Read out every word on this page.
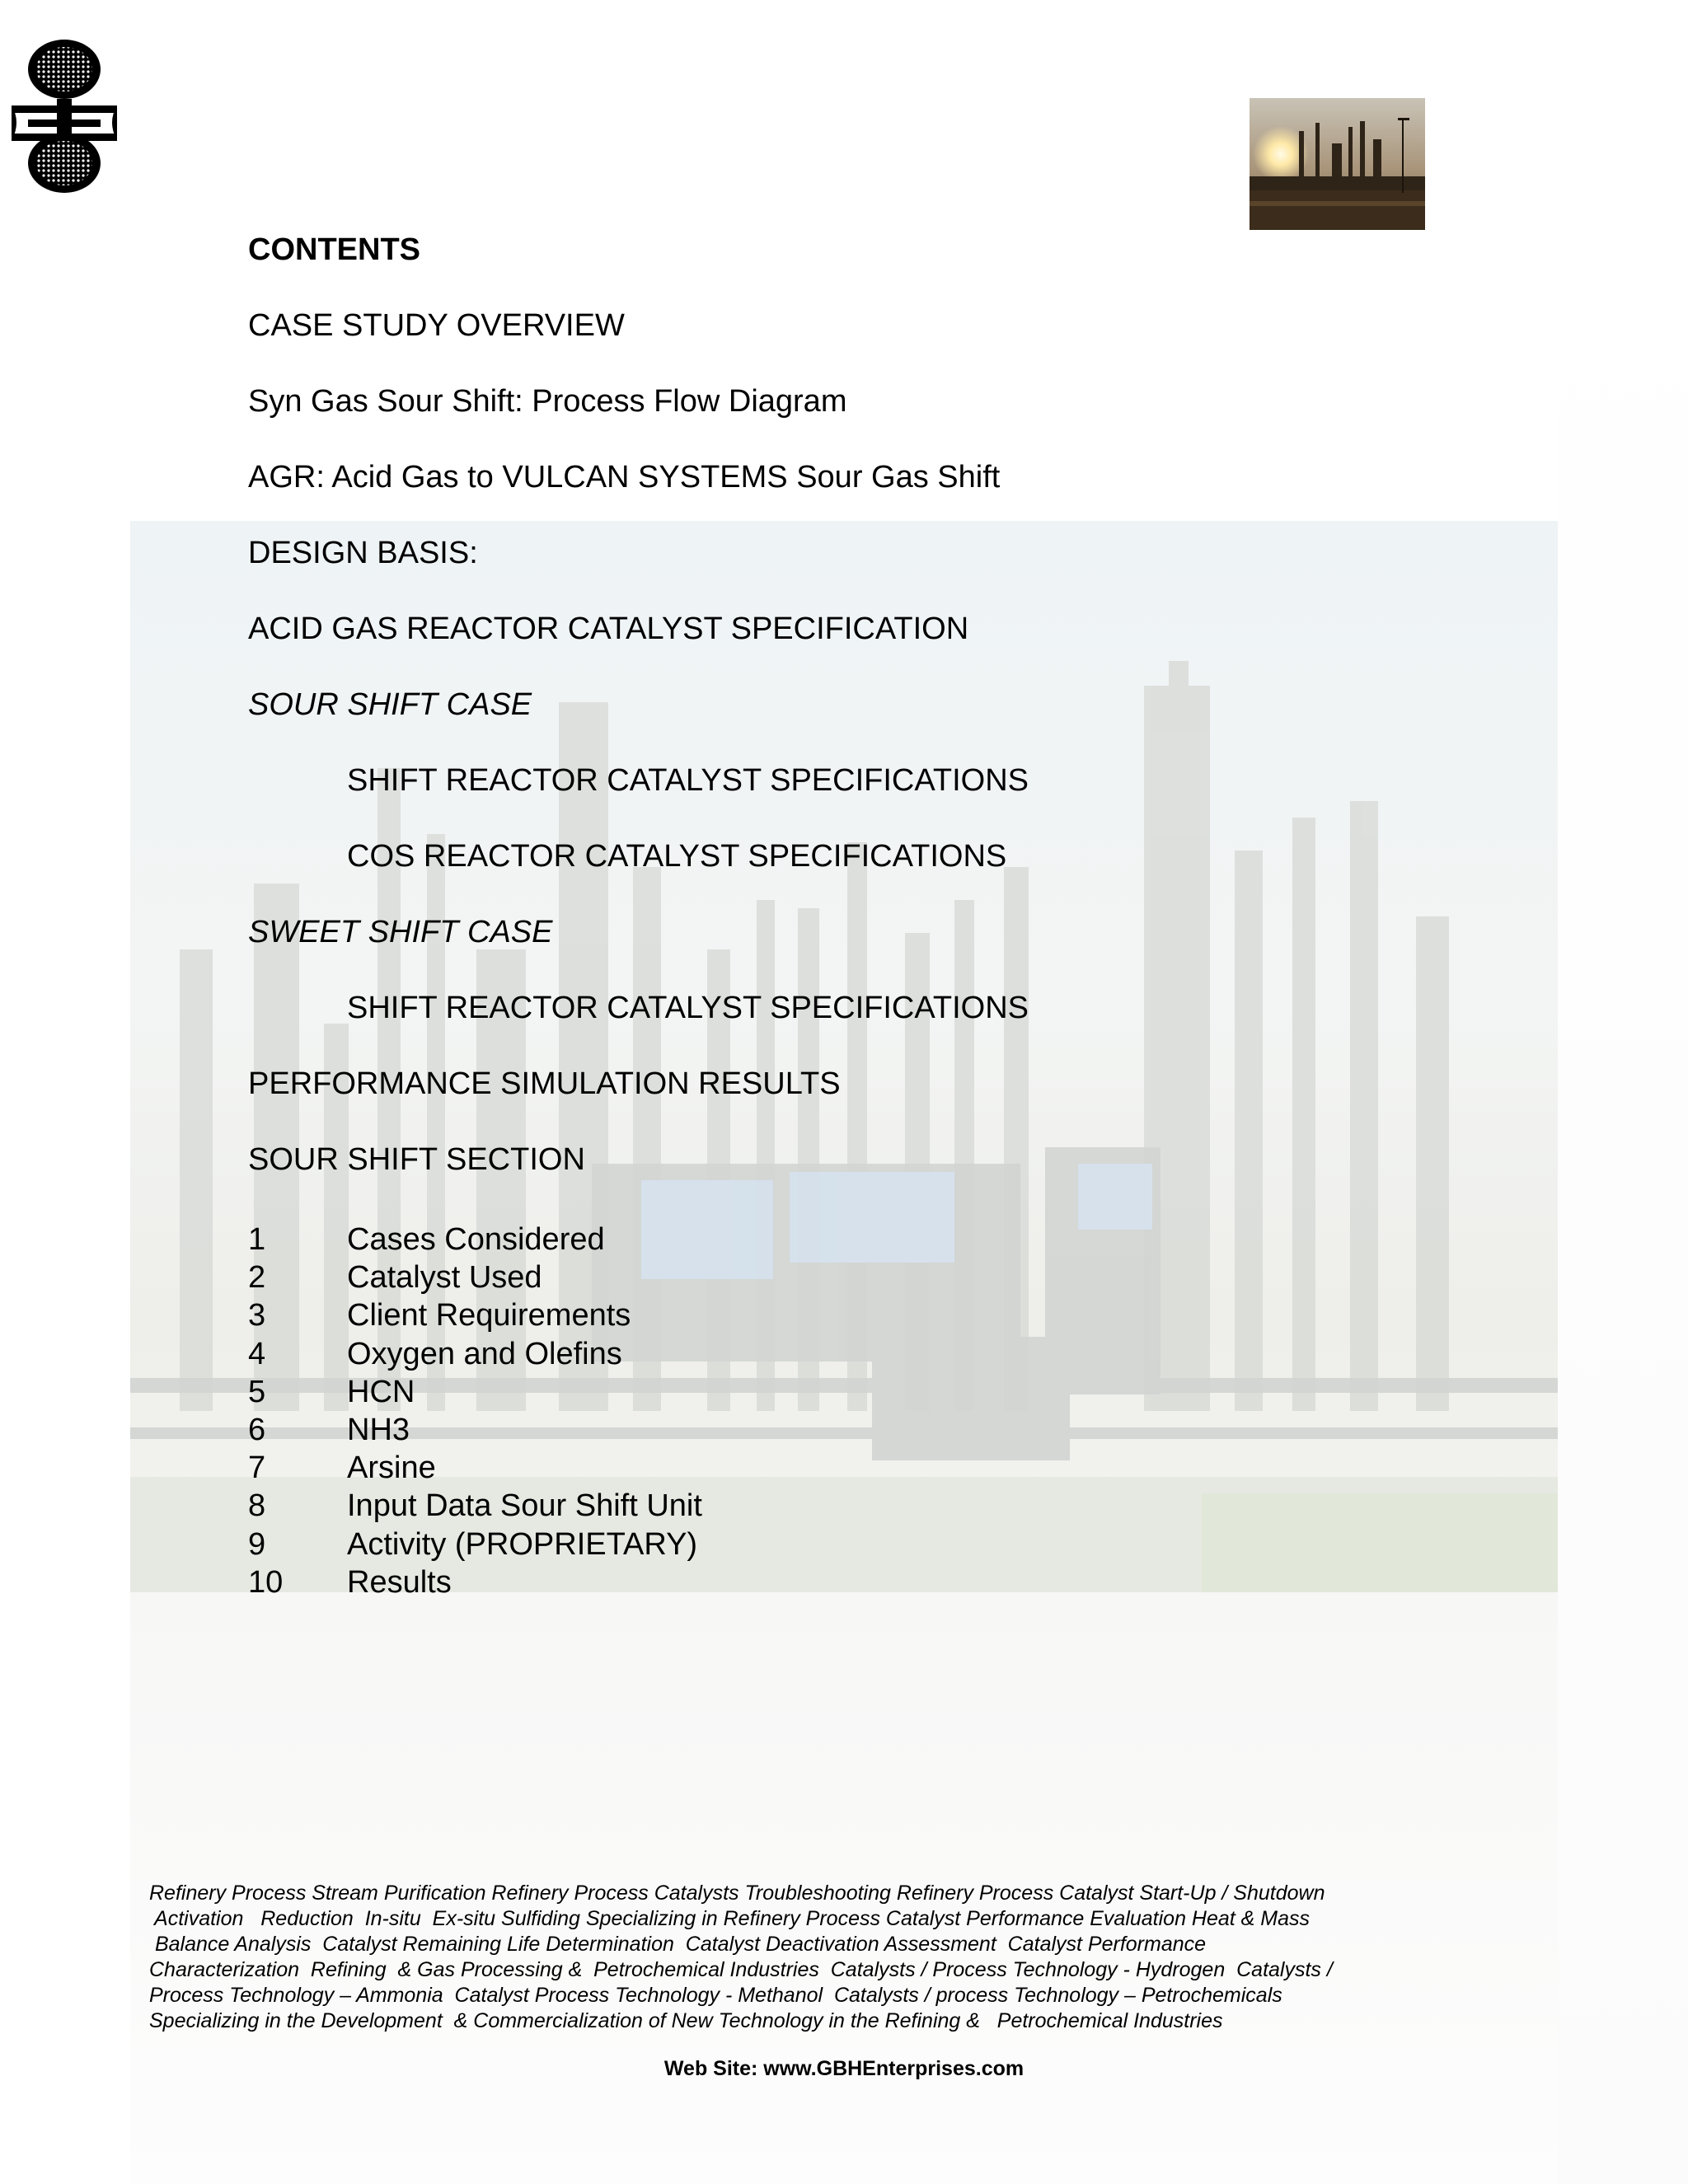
CONTENTS
CASE STUDY OVERVIEW
Syn Gas Sour Shift: Process Flow Diagram
AGR: Acid Gas to VULCAN SYSTEMS Sour Gas Shift
DESIGN BASIS:
ACID GAS REACTOR CATALYST SPECIFICATION
SOUR SHIFT CASE
SHIFT REACTOR CATALYST SPECIFICATIONS
COS REACTOR CATALYST SPECIFICATIONS
SWEET SHIFT CASE
SHIFT REACTOR CATALYST SPECIFICATIONS
PERFORMANCE SIMULATION RESULTS
SOUR SHIFT SECTION
1	Cases Considered
2	Catalyst Used
3	Client Requirements
4	Oxygen and Olefins
5	HCN
6	NH3
7	Arsine
8	Input Data Sour Shift Unit
9	Activity (PROPRIETARY)
10 Results
Refinery Process Stream Purification Refinery Process Catalysts Troubleshooting Refinery Process Catalyst Start-Up / Shutdown
Activation   Reduction  In-situ  Ex-situ Sulfiding Specializing in Refinery Process Catalyst Performance Evaluation Heat & Mass
Balance Analysis  Catalyst Remaining Life Determination  Catalyst Deactivation Assessment  Catalyst Performance
Characterization  Refining  & Gas Processing &  Petrochemical Industries  Catalysts / Process Technology - Hydrogen  Catalysts /
Process Technology – Ammonia  Catalyst Process Technology - Methanol  Catalysts / process Technology – Petrochemicals
Specializing in the Development  & Commercialization of New Technology in the Refining &   Petrochemical Industries
Web Site: www.GBHEnterprises.com
